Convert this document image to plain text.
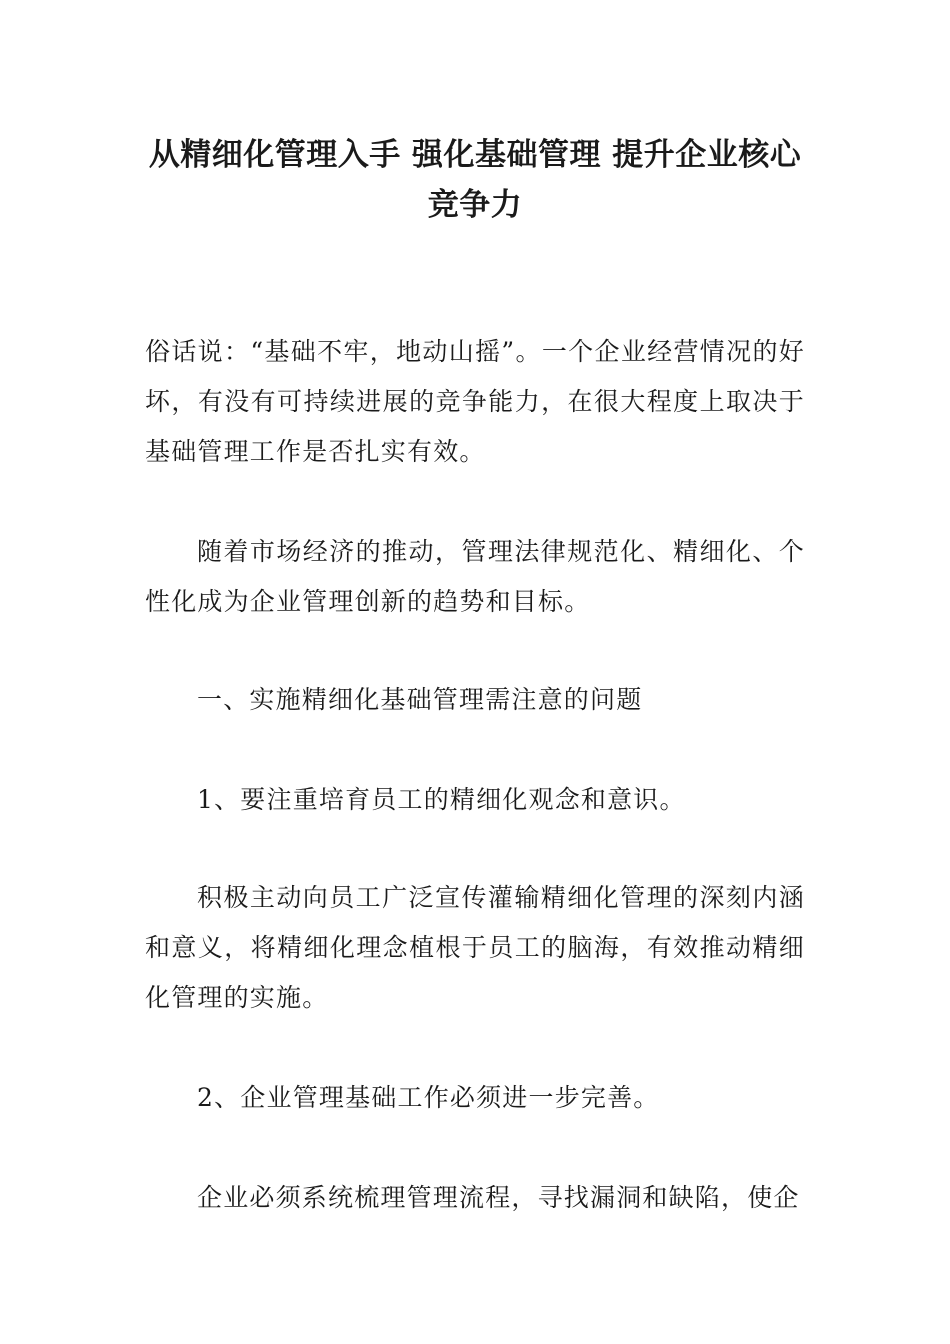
从精细化管理入手 强化基础管理 提升企业核心竞争力

俗话说：“基础不牢，地动山摇”。一个企业经营情况的好坏，有没有可持续进展的竞争能力，在很大程度上取决于基础管理工作是否扎实有效。

随着市场经济的推动，管理法律规范化、精细化、个性化成为企业管理创新的趋势和目标。

一、实施精细化基础管理需注意的问题

1、要注重培育员工的精细化观念和意识。

积极主动向员工广泛宣传灌输精细化管理的深刻内涵和意义，将精细化理念植根于员工的脑海，有效推动精细化管理的实施。

2、企业管理基础工作必须进一步完善。

企业必须系统梳理管理流程，寻找漏洞和缺陷，使企
